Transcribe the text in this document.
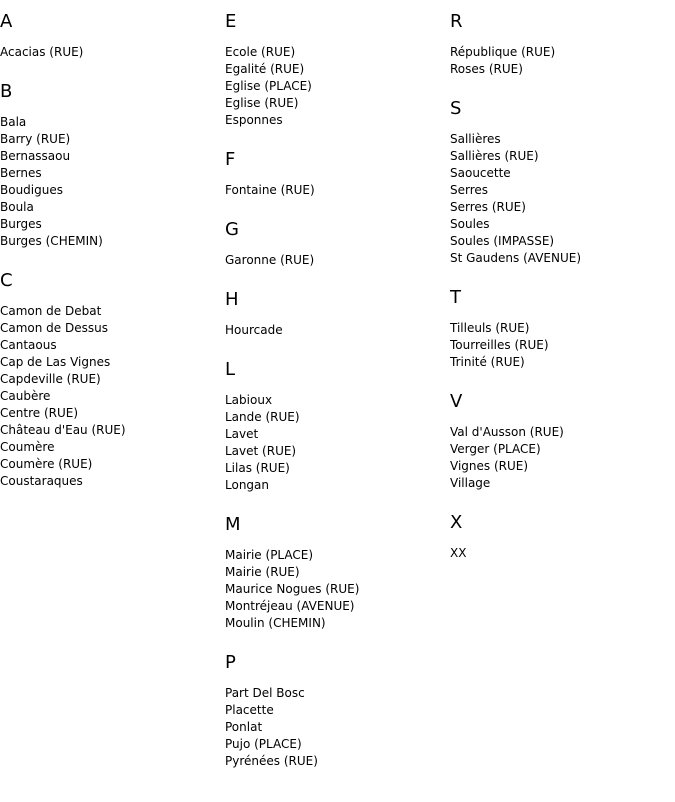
A
Acacias (RUE)
B
Bala
Barry (RUE)
Bernassaou
Bernes
Boudigues
Boula
Burges
Burges (CHEMIN)
C
Camon de Debat
Camon de Dessus
Cantaous
Cap de Las Vignes
Capdeville (RUE)
Caubère
Centre (RUE)
Château d'Eau (RUE)
Coumère
Coumère (RUE)
Coustaraques
E
Ecole (RUE)
Egalité (RUE)
Eglise (PLACE)
Eglise (RUE)
Esponnes
F
Fontaine (RUE)
G
Garonne (RUE)
H
Hourcade
L
Labioux
Lande (RUE)
Lavet
Lavet (RUE)
Lilas (RUE)
Longan
M
Mairie (PLACE)
Mairie (RUE)
Maurice Nogues (RUE)
Montréjeau (AVENUE)
Moulin (CHEMIN)
P
Part Del Bosc
Placette
Ponlat
Pujo (PLACE)
Pyrénées (RUE)
R
République (RUE)
Roses (RUE)
S
Sallières
Sallières (RUE)
Saoucette
Serres
Serres (RUE)
Soules
Soules (IMPASSE)
St Gaudens (AVENUE)
T
Tilleuls (RUE)
Tourreilles (RUE)
Trinité (RUE)
V
Val d'Ausson (RUE)
Verger (PLACE)
Vignes (RUE)
Village
X
XX
